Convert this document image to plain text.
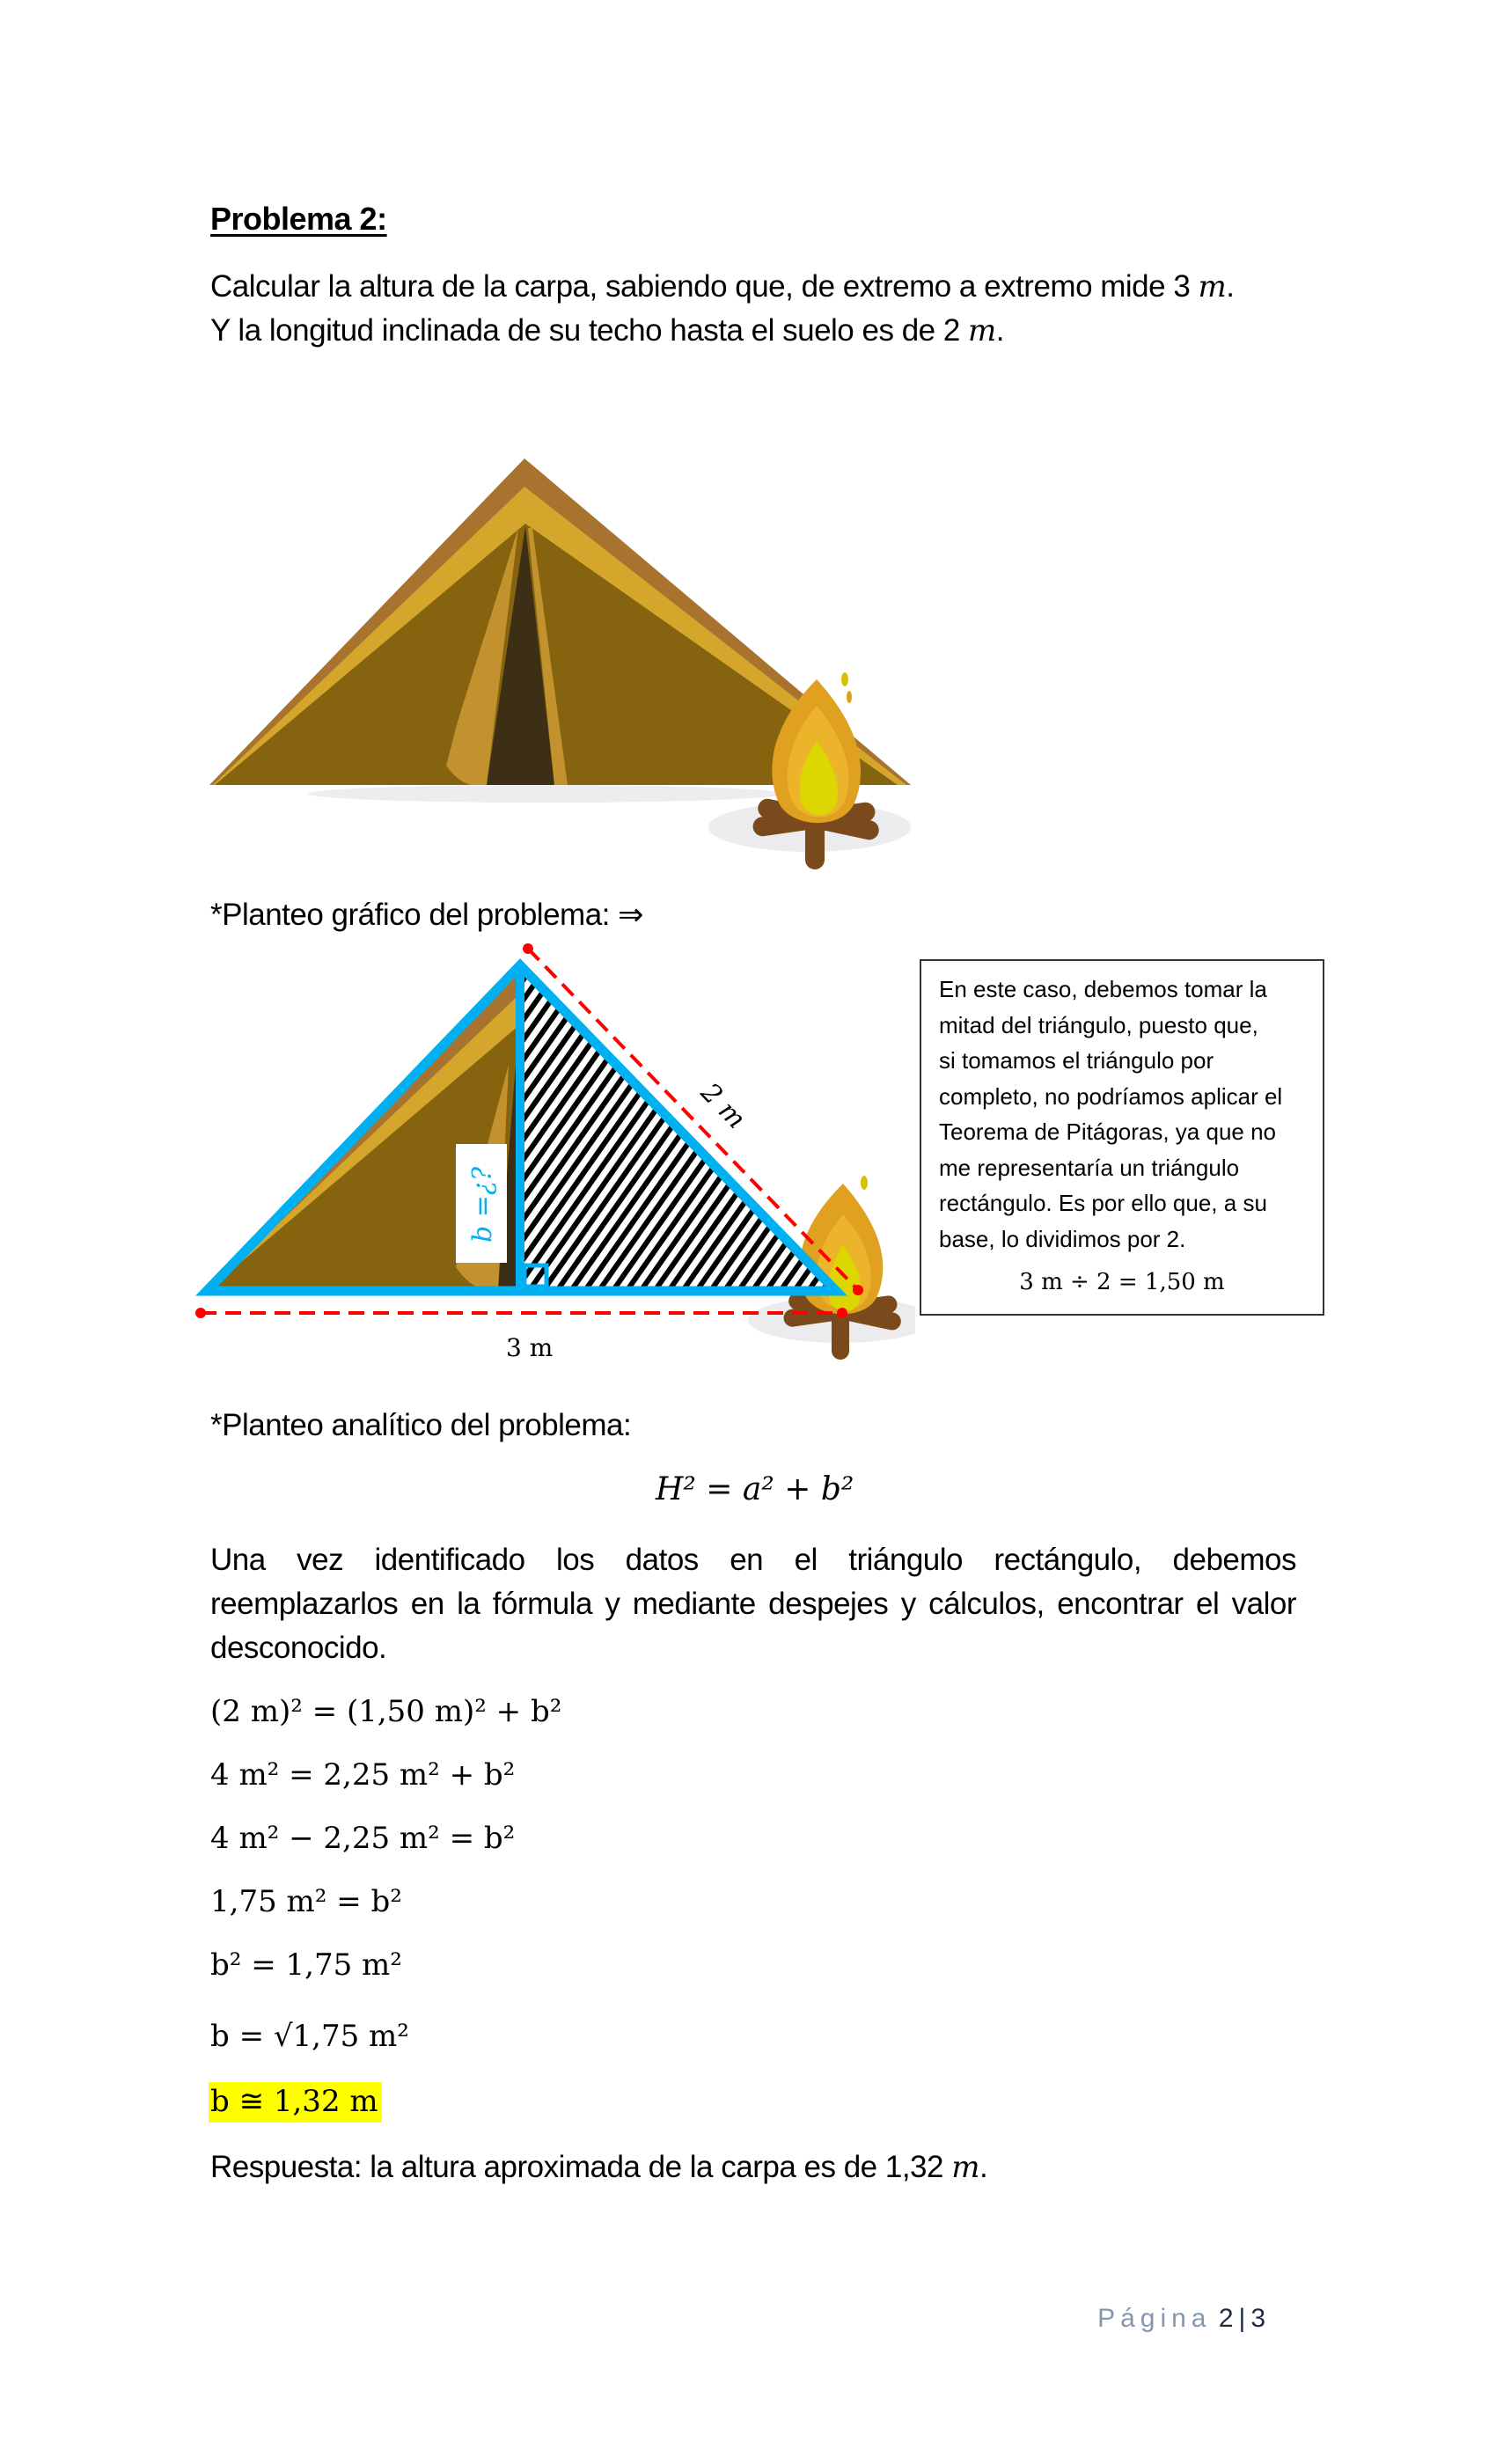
Problema 2:
Calcular la altura de la carpa, sabiendo que, de extremo a extremo mide 3 m.
Y la longitud inclinada de su techo hasta el suelo es de 2 m.
*Planteo gráfico del problema: ⇒
b =¿?
2 m
3 m
En este caso, debemos tomar la
mitad del triángulo, puesto que,
si tomamos el triángulo por
completo, no podríamos aplicar el
Teorema de Pitágoras, ya que no
me representaría un triángulo
rectángulo. Es por ello que, a su
base, lo dividimos por 2.
3 m ÷ 2 = 1,50 m
*Planteo analítico del problema:
H² = a² + b²
Una vez identificado los datos en el triángulo rectángulo, debemos
reemplazarlos en la fórmula y mediante despejes y cálculos, encontrar el valor desconocido.
(2 m)² = (1,50 m)² + b²
4 m² = 2,25 m² + b²
4 m² − 2,25 m² = b²
1,75 m² = b²
b² = 1,75 m²
b = √1,75 m²
b ≅ 1,32 m
Respuesta: la altura aproximada de la carpa es de 1,32 m.
Página 2 | 3
